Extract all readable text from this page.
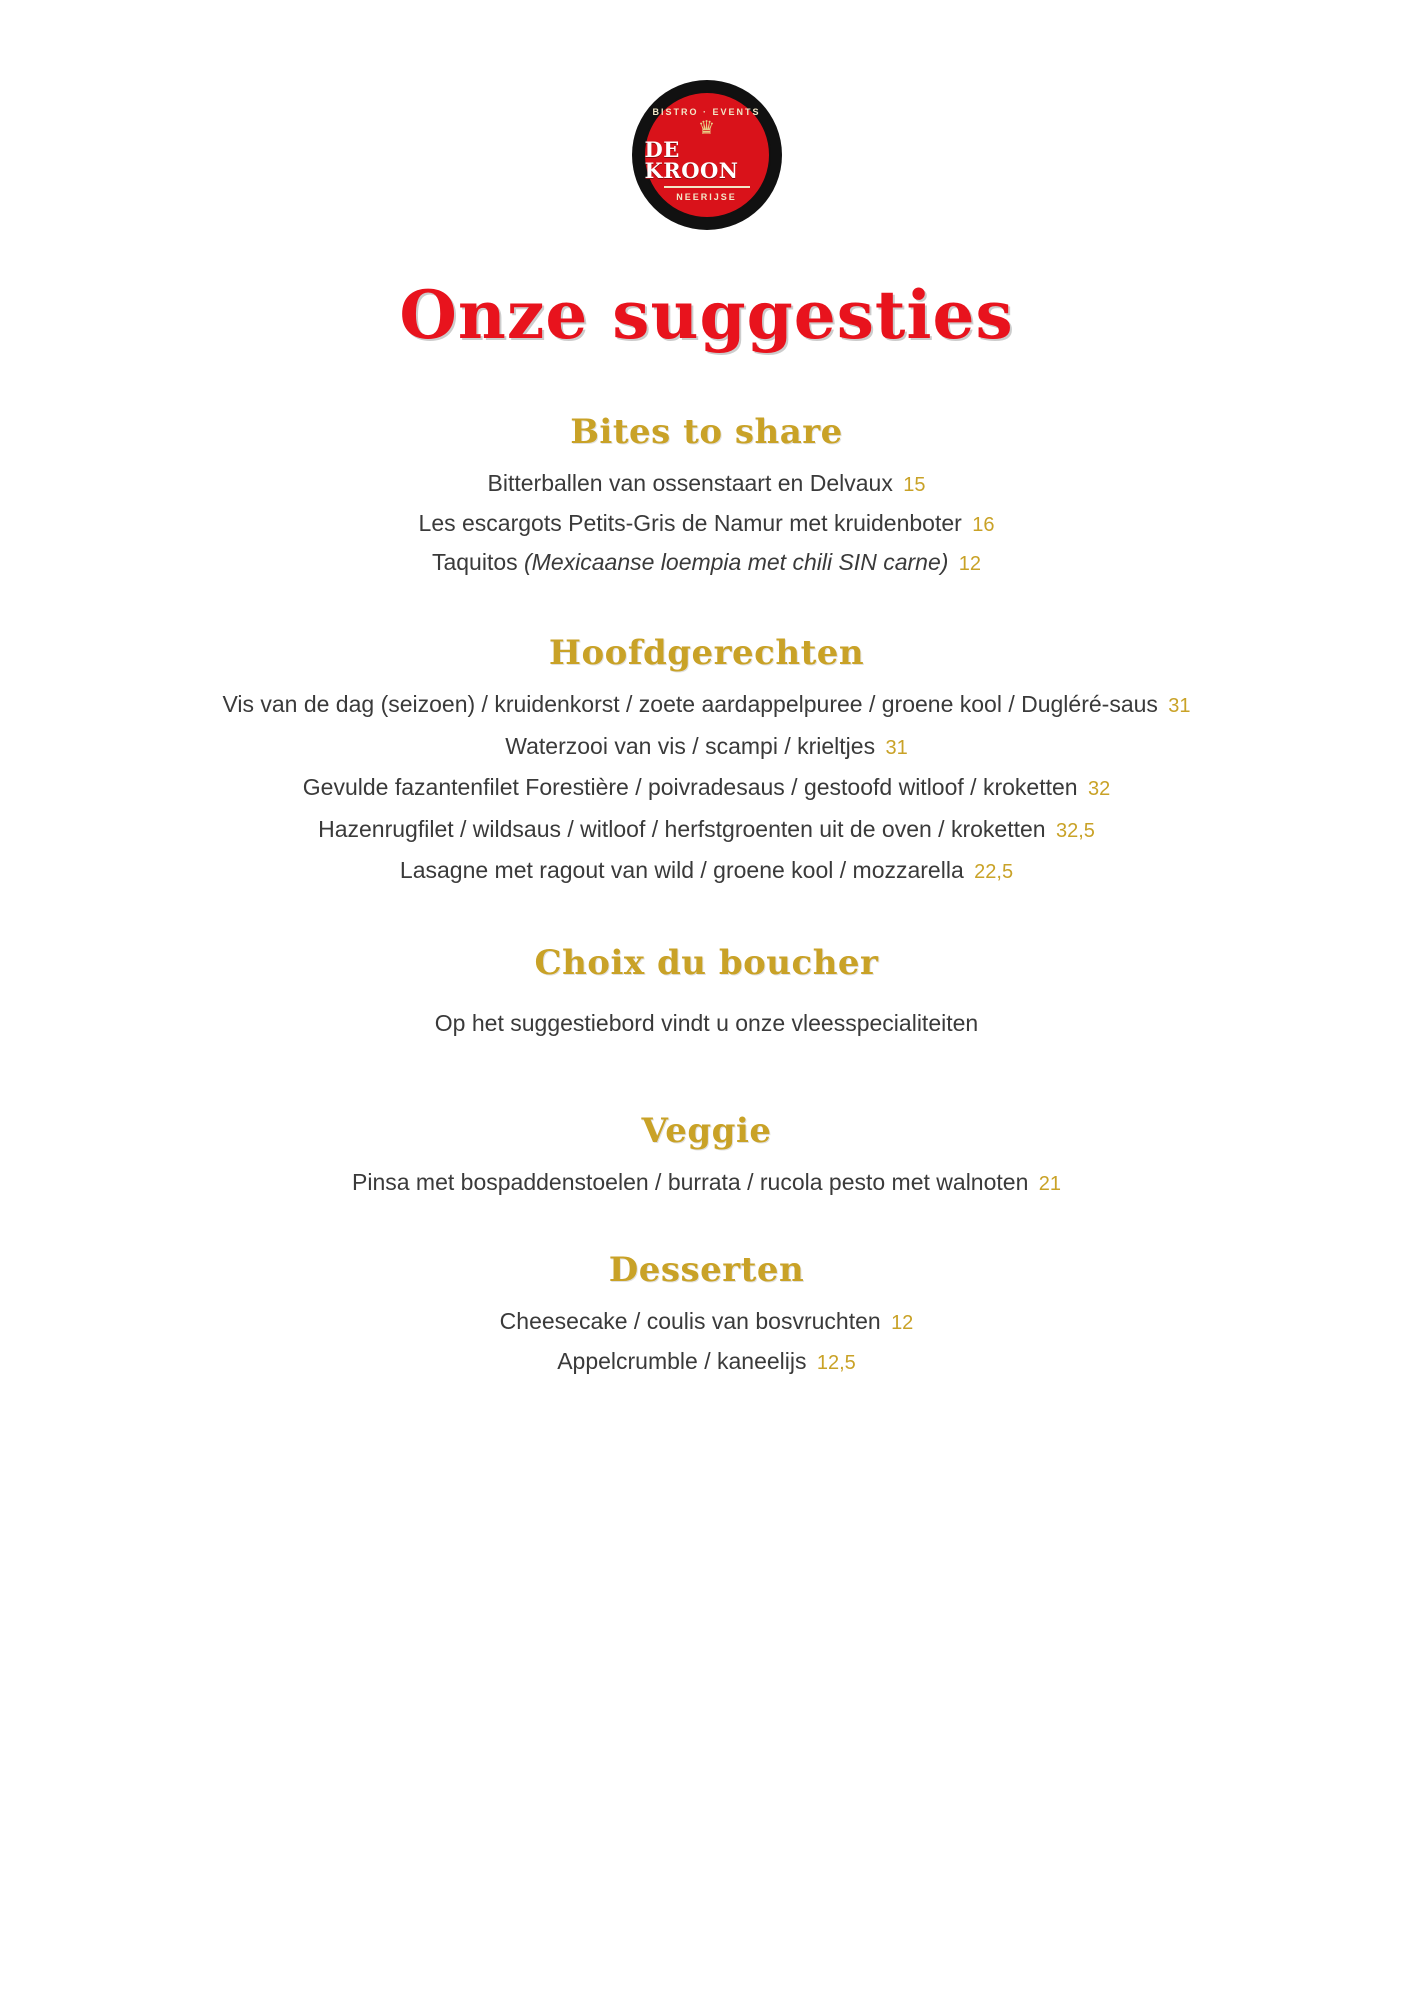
BISTRO · EVENTS
♛
DE KROON
NEERIJSE
Onze suggesties
Bites to share

Bitterballen van ossenstaart en Delvaux 15

Les escargots Petits-Gris de Namur met kruidenboter 16

Taquitos (Mexicaanse loempia met chili SIN carne) 12

Hoofdgerechten

Vis van de dag (seizoen) / kruidenkorst / zoete aardappelpuree / groene kool / Dugléré-saus 31

Waterzooi van vis / scampi / krieltjes 31

Gevulde fazantenfilet Forestière / poivradesaus / gestoofd witloof / kroketten 32

Hazenrugfilet / wildsaus / witloof / herfstgroenten uit de oven / kroketten 32,5

Lasagne met ragout van wild / groene kool / mozzarella 22,5

Choix du boucher

Op het suggestiebord vindt u onze vleesspecialiteiten

Veggie

Pinsa met bospaddenstoelen / burrata / rucola pesto met walnoten 21

Desserten

Cheesecake / coulis van bosvruchten 12

Appelcrumble / kaneelijs 12,5
